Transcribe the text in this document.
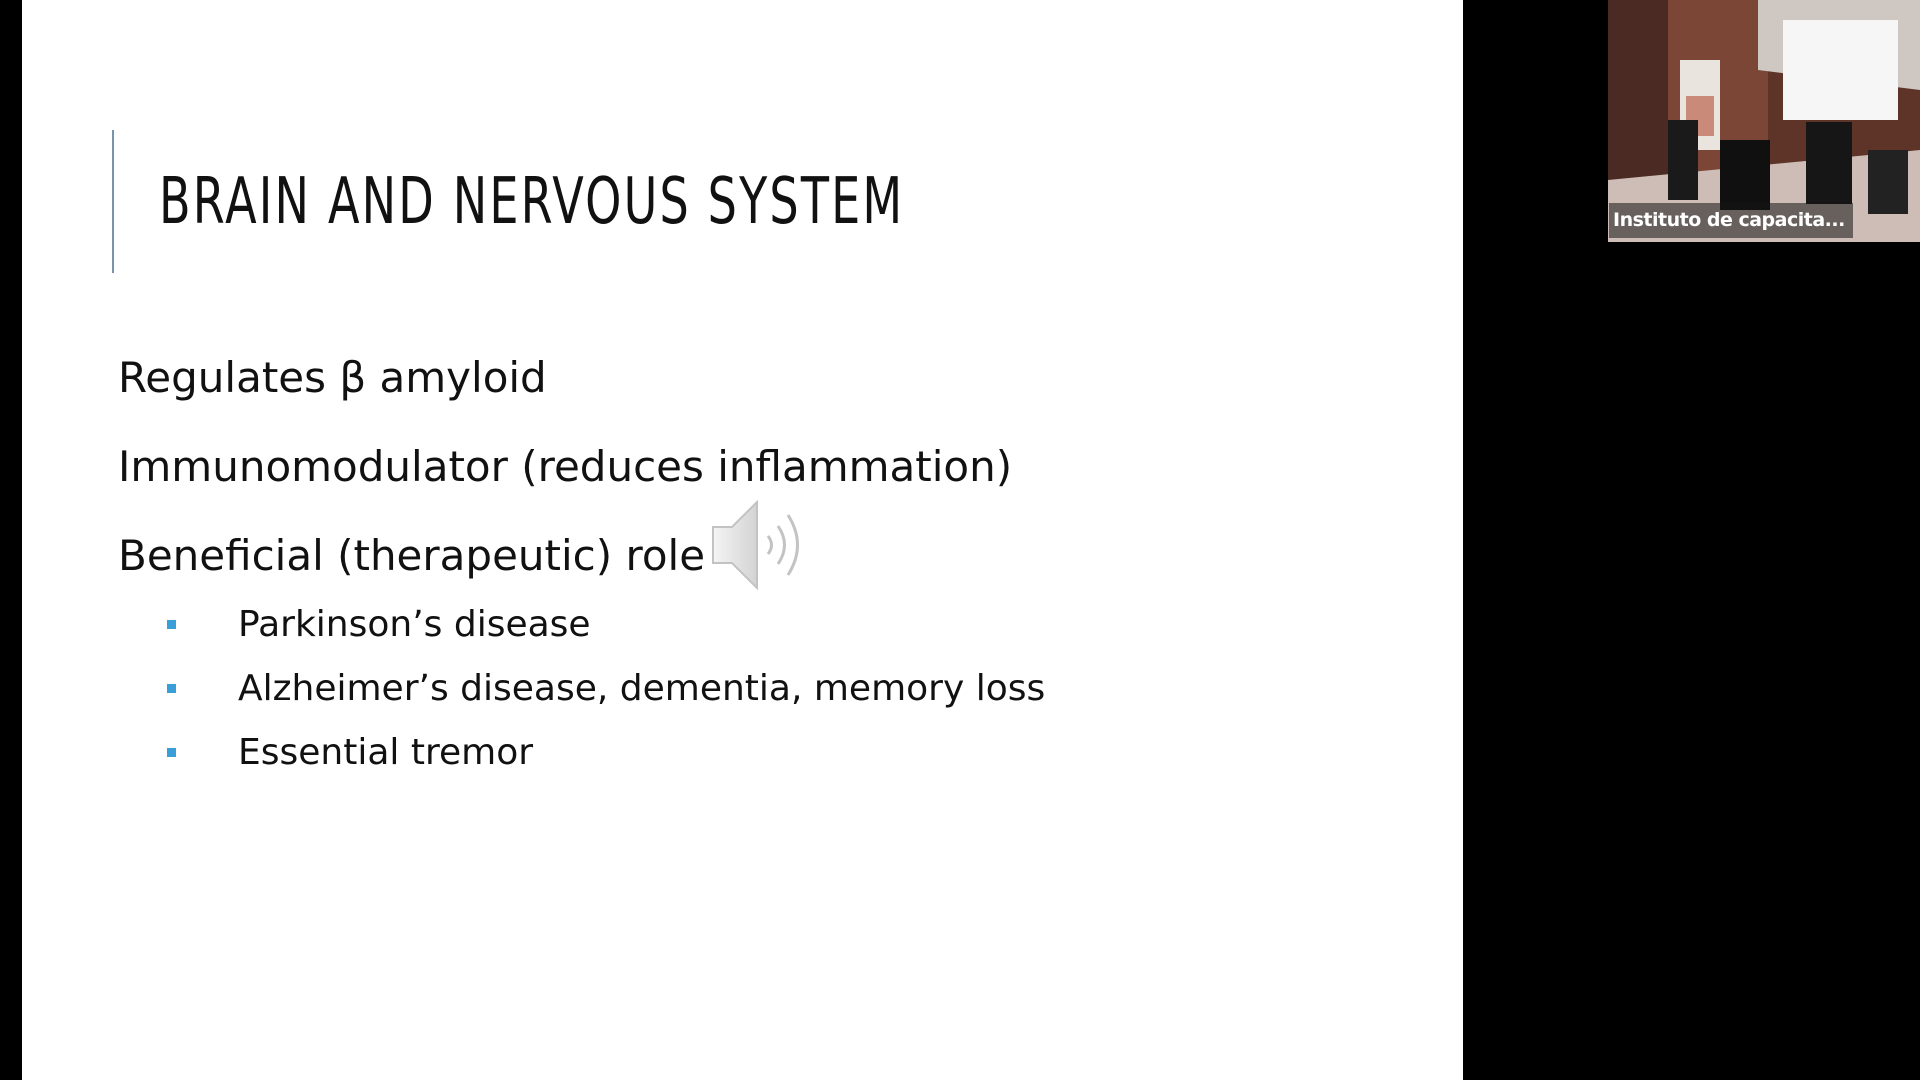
BRAIN AND NERVOUS SYSTEM
Regulates β amyloid
Immunomodulator (reduces inflammation)
Beneficial (therapeutic) role
Parkinson’s disease
Alzheimer’s disease, dementia, memory loss
Essential tremor
Instituto de capacita...
